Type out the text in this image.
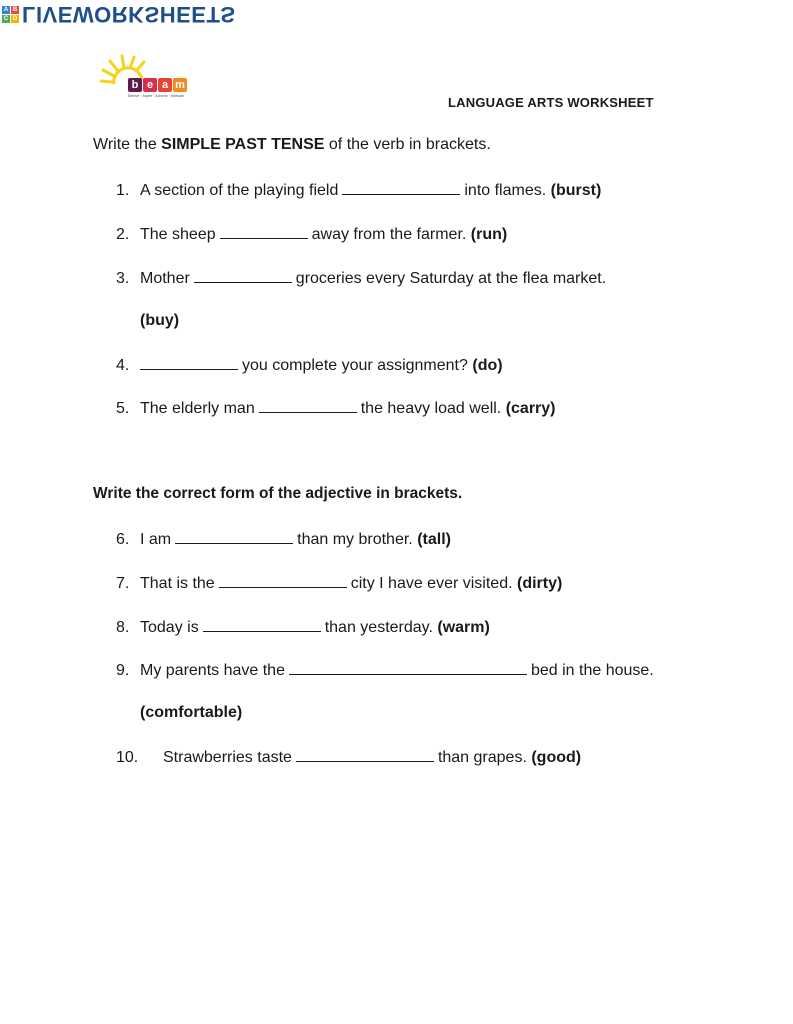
A B
C D LIVEWORKSHEETS
b e a m
Believe · Aspire · Achieve · Motivate	LANGUAGE ARTS WORKSHEET
Write the SIMPLE PAST TENSE of the verb in brackets.
1. A section of the playing field	into flames. (burst)
2. The sheep	away from the farmer. (run)
3. Mother	groceries every Saturday at the flea market.
(buy)
4.	you complete your assignment? (do)
5. The elderly man	the heavy load well. (carry)
Write the correct form of the adjective in brackets.
6. I am	than my brother. (tall)
7. That is the	city I have ever visited. (dirty)
8. Today is	than yesterday. (warm)
9. My parents have the	bed in the house.
(comfortable)
10. Strawberries taste	than grapes. (good)
